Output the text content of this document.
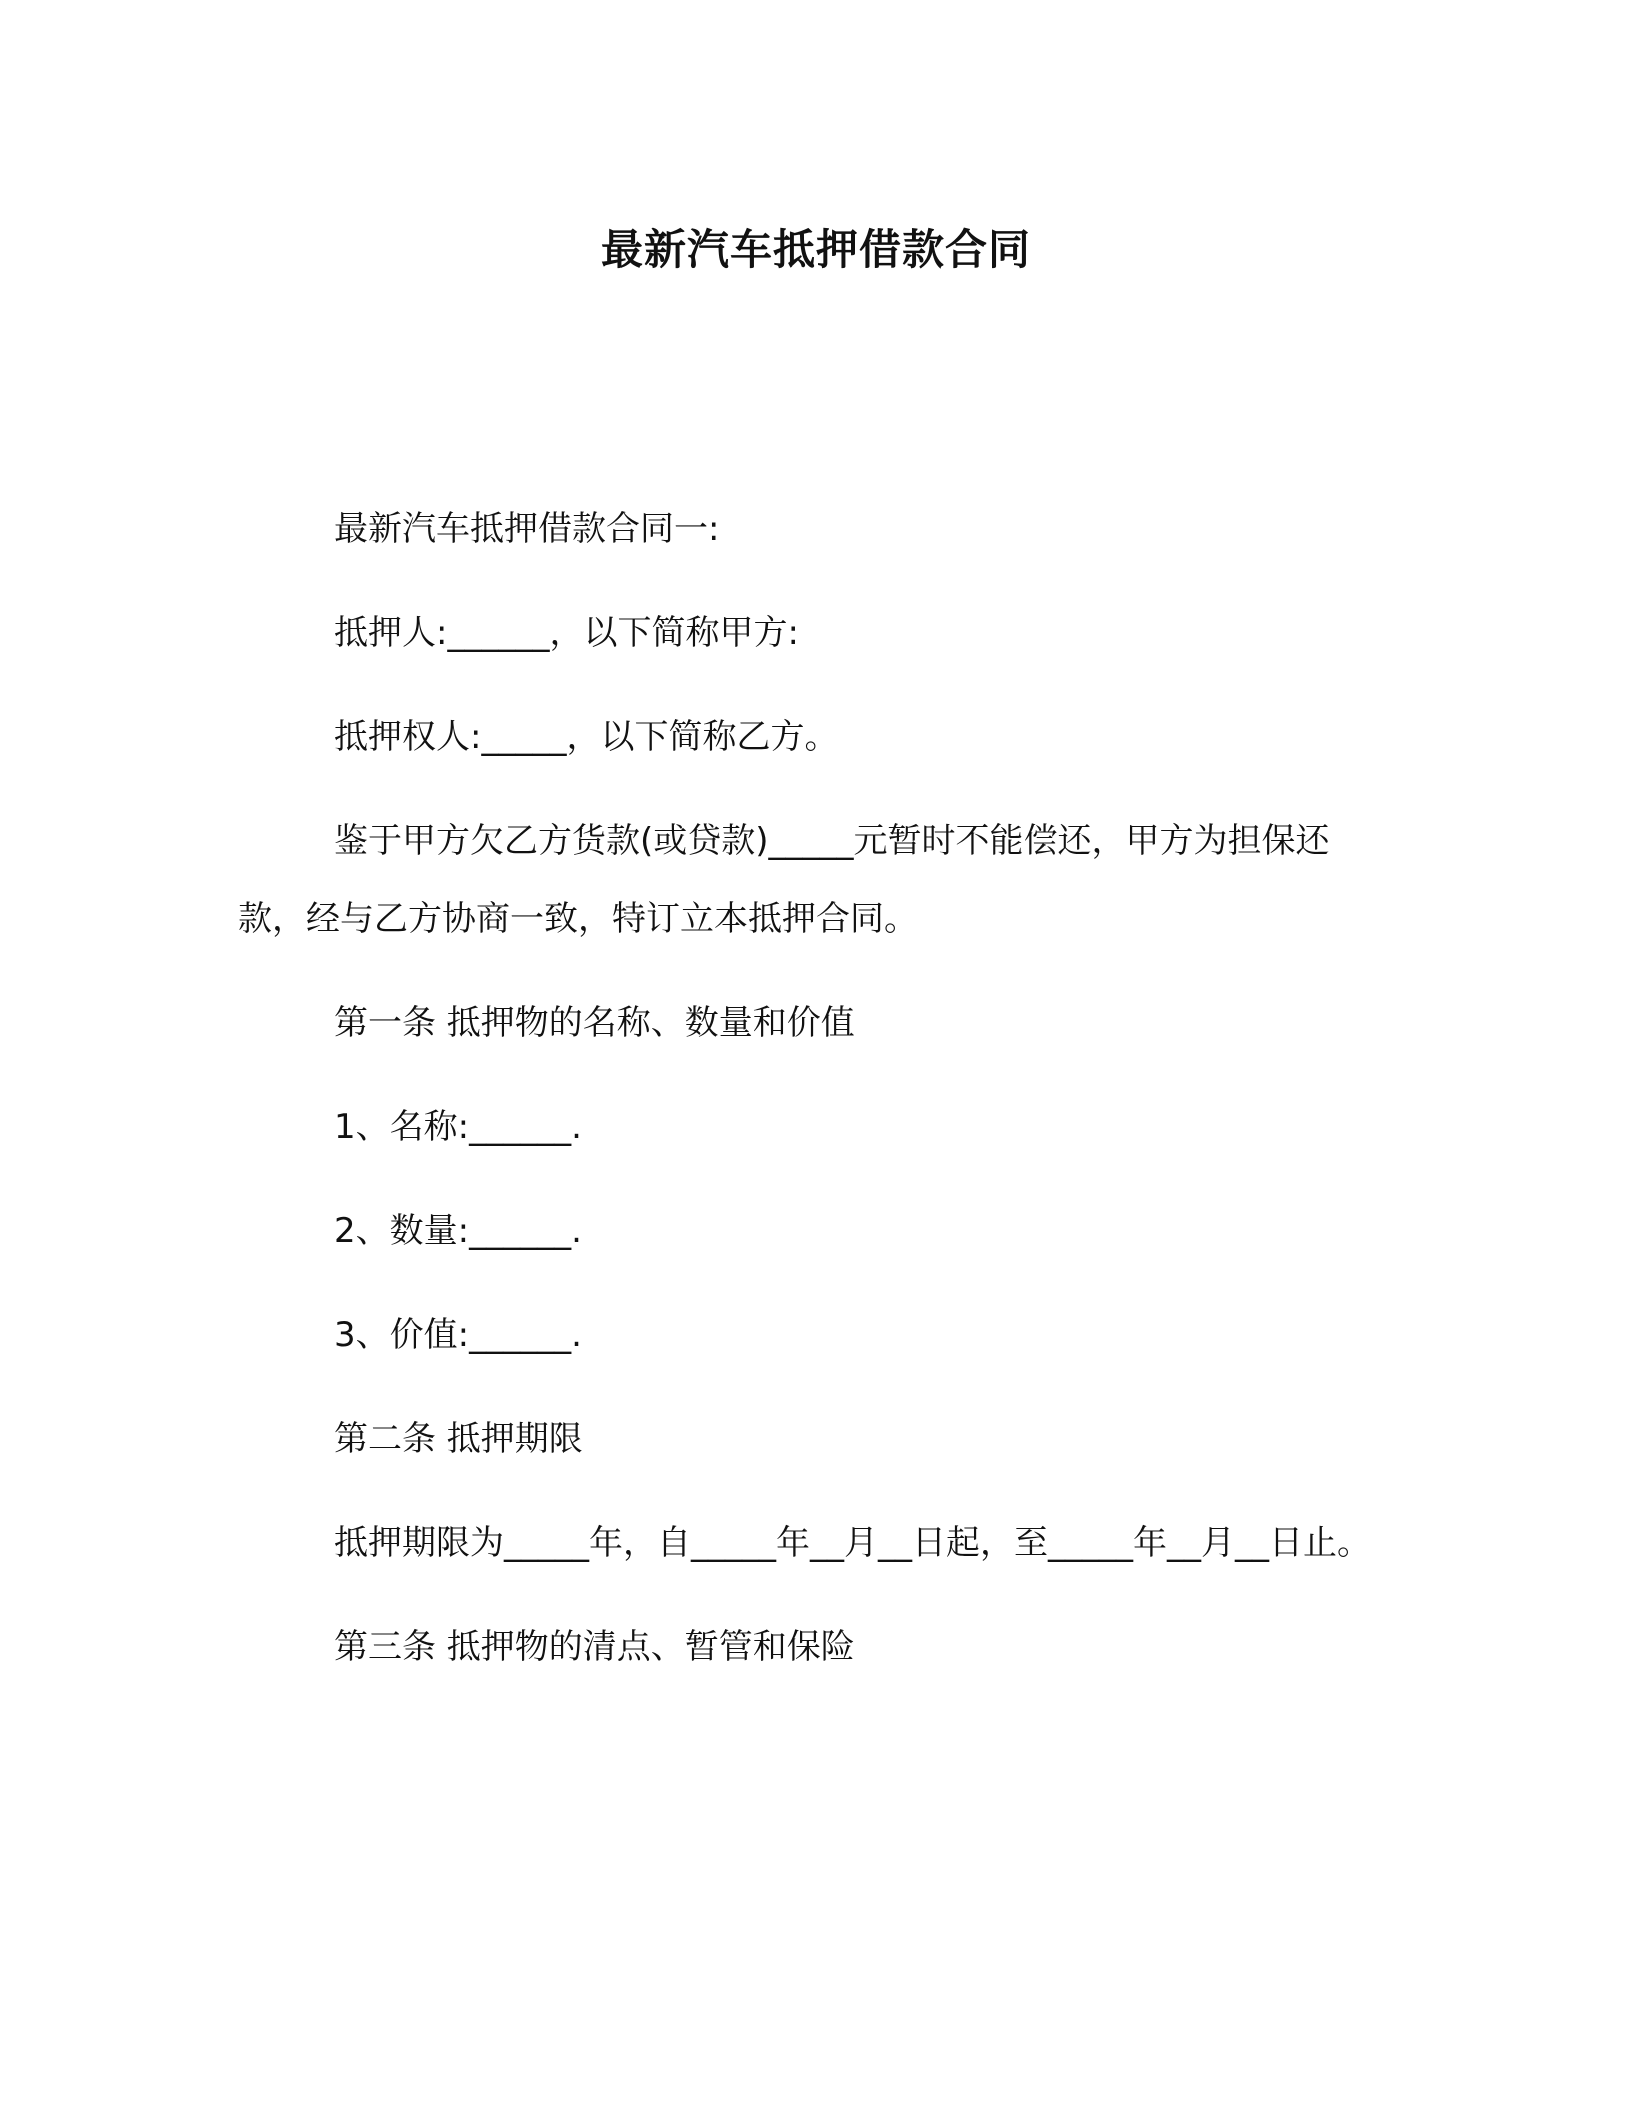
最新汽车抵押借款合同

最新汽车抵押借款合同一:

抵押人:______，以下简称甲方:

抵押权人:_____，以下简称乙方。

鉴于甲方欠乙方货款(或贷款)_____元暂时不能偿还，甲方为担保还款，经与乙方协商一致，特订立本抵押合同。

第一条 抵押物的名称、数量和价值

1、名称:______.

2、数量:______.

3、价值:______.

第二条 抵押期限

抵押期限为_____年，自_____年__月__日起，至_____年__月__日止。

第三条 抵押物的清点、暂管和保险
